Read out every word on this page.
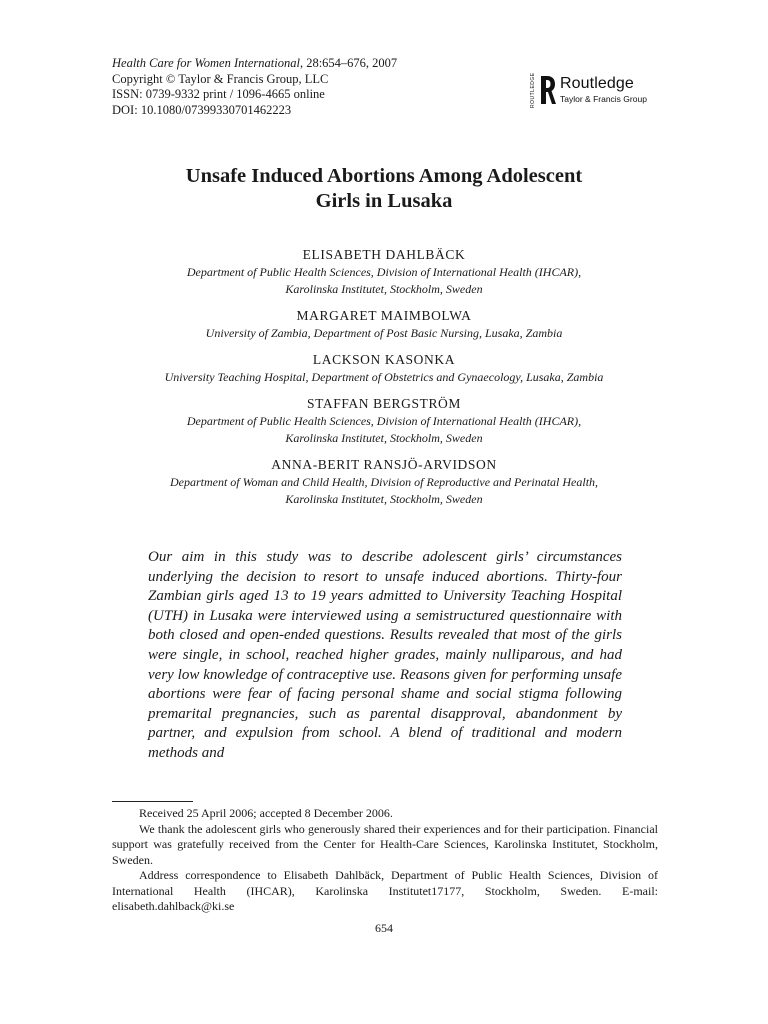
Health Care for Women International, 28:654–676, 2007
Copyright © Taylor & Francis Group, LLC
ISSN: 0739-9332 print / 1096-4665 online
DOI: 10.1080/07399330701462223
ROUTLEDGE Routledge
Taylor & Francis Group
Unsafe Induced Abortions Among Adolescent
Girls in Lusaka
ELISABETH DAHLBÄCK
Department of Public Health Sciences, Division of International Health (IHCAR),
Karolinska Institutet, Stockholm, Sweden
MARGARET MAIMBOLWA
University of Zambia, Department of Post Basic Nursing, Lusaka, Zambia
LACKSON KASONKA
University Teaching Hospital, Department of Obstetrics and Gynaecology, Lusaka, Zambia
STAFFAN BERGSTRÖM
Department of Public Health Sciences, Division of International Health (IHCAR),
Karolinska Institutet, Stockholm, Sweden
ANNA-BERIT RANSJÖ-ARVIDSON
Department of Woman and Child Health, Division of Reproductive and Perinatal Health,
Karolinska Institutet, Stockholm, Sweden
Our aim in this study was to describe adolescent girls’ circumstances underlying the decision to resort to unsafe induced abortions. Thirty-four Zambian girls aged 13 to 19 years admitted to University Teaching Hospital (UTH) in Lusaka were interviewed using a semistructured questionnaire with both closed and open-ended questions. Results revealed that most of the girls were single, in school, reached higher grades, mainly nulliparous, and had very low knowledge of contraceptive use. Reasons given for performing unsafe abortions were fear of facing personal shame and social stigma following premarital pregnancies, such as parental disapproval, abandonment by partner, and expulsion from school. A blend of traditional and modern methods and
Received 25 April 2006; accepted 8 December 2006.
We thank the adolescent girls who generously shared their experiences and for their participation. Financial support was gratefully received from the Center for Health-Care Sciences, Karolinska Institutet, Stockholm, Sweden.
Address correspondence to Elisabeth Dahlbäck, Department of Public Health Sciences, Division of International Health (IHCAR), Karolinska Institutet17177, Stockholm, Sweden. E-mail: elisabeth.dahlback@ki.se
654
